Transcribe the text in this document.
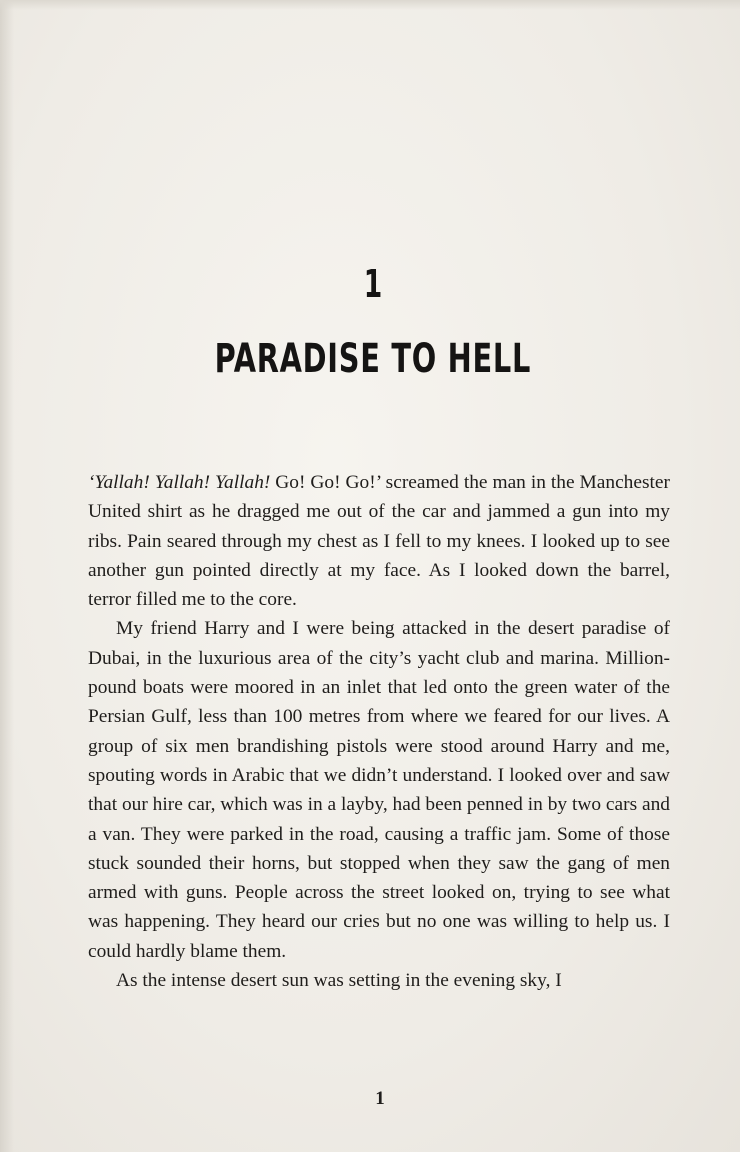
1
PARADISE TO HELL

‘Yallah! Yallah! Yallah! Go! Go! Go!’ screamed the man in the Manchester United shirt as he dragged me out of the car and jammed a gun into my ribs. Pain seared through my chest as I fell to my knees. I looked up to see another gun pointed directly at my face. As I looked down the barrel, terror filled me to the core.

My friend Harry and I were being attacked in the desert paradise of Dubai, in the luxurious area of the city’s yacht club and marina. Million-pound boats were moored in an inlet that led onto the green water of the Persian Gulf, less than 100 metres from where we feared for our lives. A group of six men brandishing pistols were stood around Harry and me, spouting words in Arabic that we didn’t understand. I looked over and saw that our hire car, which was in a layby, had been penned in by two cars and a van. They were parked in the road, causing a traffic jam. Some of those stuck sounded their horns, but stopped when they saw the gang of men armed with guns. People across the street looked on, trying to see what was happening. They heard our cries but no one was willing to help us. I could hardly blame them.

As the intense desert sun was setting in the evening sky, I

1
